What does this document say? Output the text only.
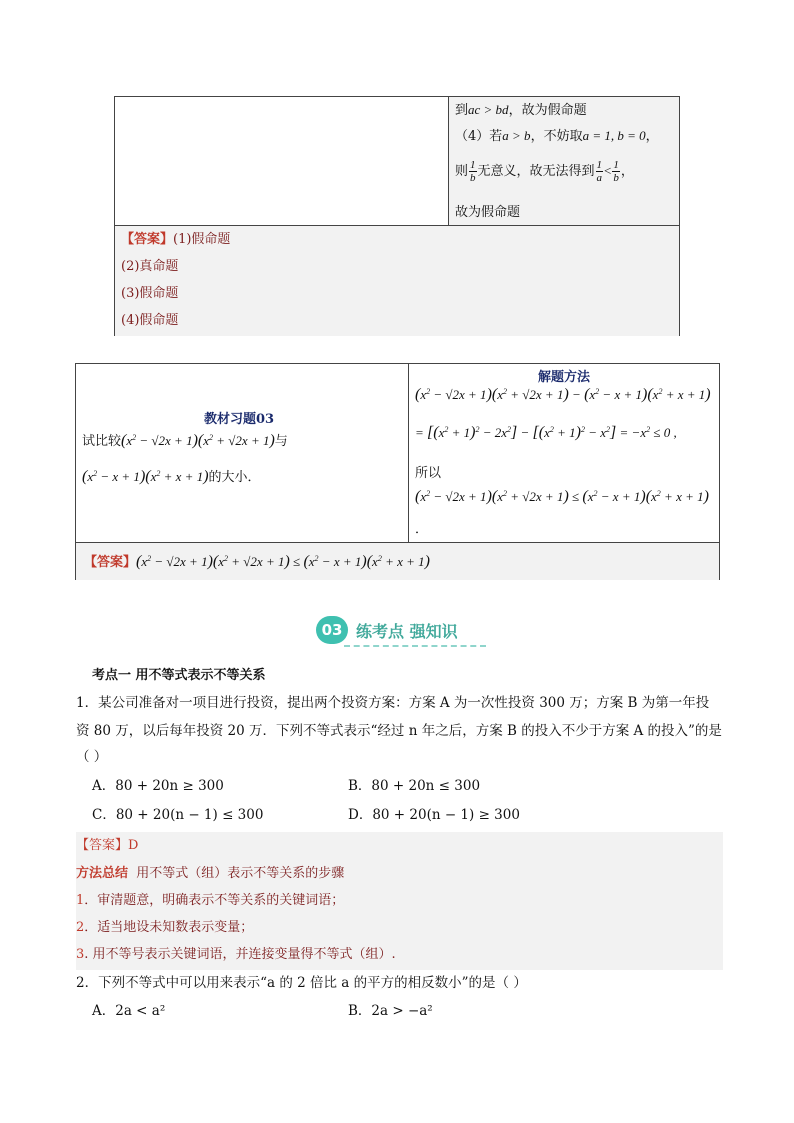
到ac > bd，故为假命题
（4）若a > b，不妨取a = 1, b = 0，
则 $\frac{1}{b}$ 无意义，故无法得到 $\frac{1}{a} < \frac{1}{b}$ ，
故为假命题
【答案】(1)假命题
(2)真命题
(3)假命题
(4)假命题
教材习题03
试比较$(x^2 - √2x + 1)(x^2 + √2x + 1)$与
$(x^2 - x + 1)(x^2 + x + 1)$的大小．
解题方法
$(x^2 - √2x + 1)(x^2 + √2x + 1) - (x^2 - x + 1)(x^2 + x + 1)$
= $[(x^2 + 1)^2 - 2x^2] - [(x^2 + 1)^2 - x^2] = -x^2 \le 0$ ,
所以
$(x^2 - √2x + 1)(x^2 + √2x + 1) \le (x^2 - x + 1)(x^2 + x + 1)$
．
【答案】$(x^2 - √2x + 1)(x^2 + √2x + 1) \le (x^2 - x + 1)(x^2 + x + 1)$
03 练考点 强知识
考点一 用不等式表示不等关系
1．某公司准备对一项目进行投资，提出两个投资方案：方案 A 为一次性投资 300 万；方案 B 为第一年投
资 80 万，以后每年投资 20 万．下列不等式表示“经过 n 年之后，方案 B 的投入不少于方案 A 的投入”的是
（ ）
A．80 + 20n ≥ 300	B．80 + 20n ≤ 300
C．80 + 20(n − 1) ≤ 300	D．80 + 20(n − 1) ≥ 300
【答案】D
方法总结 用不等式（组）表示不等关系的步骤
1．审清题意，明确表示不等关系的关键词语；
2．适当地设未知数表示变量；
3. 用不等号表示关键词语，并连接变量得不等式（组）.
2．下列不等式中可以用来表示“a 的 2 倍比 a 的平方的相反数小”的是（ ）
A．2a < a²	B．2a > −a²
